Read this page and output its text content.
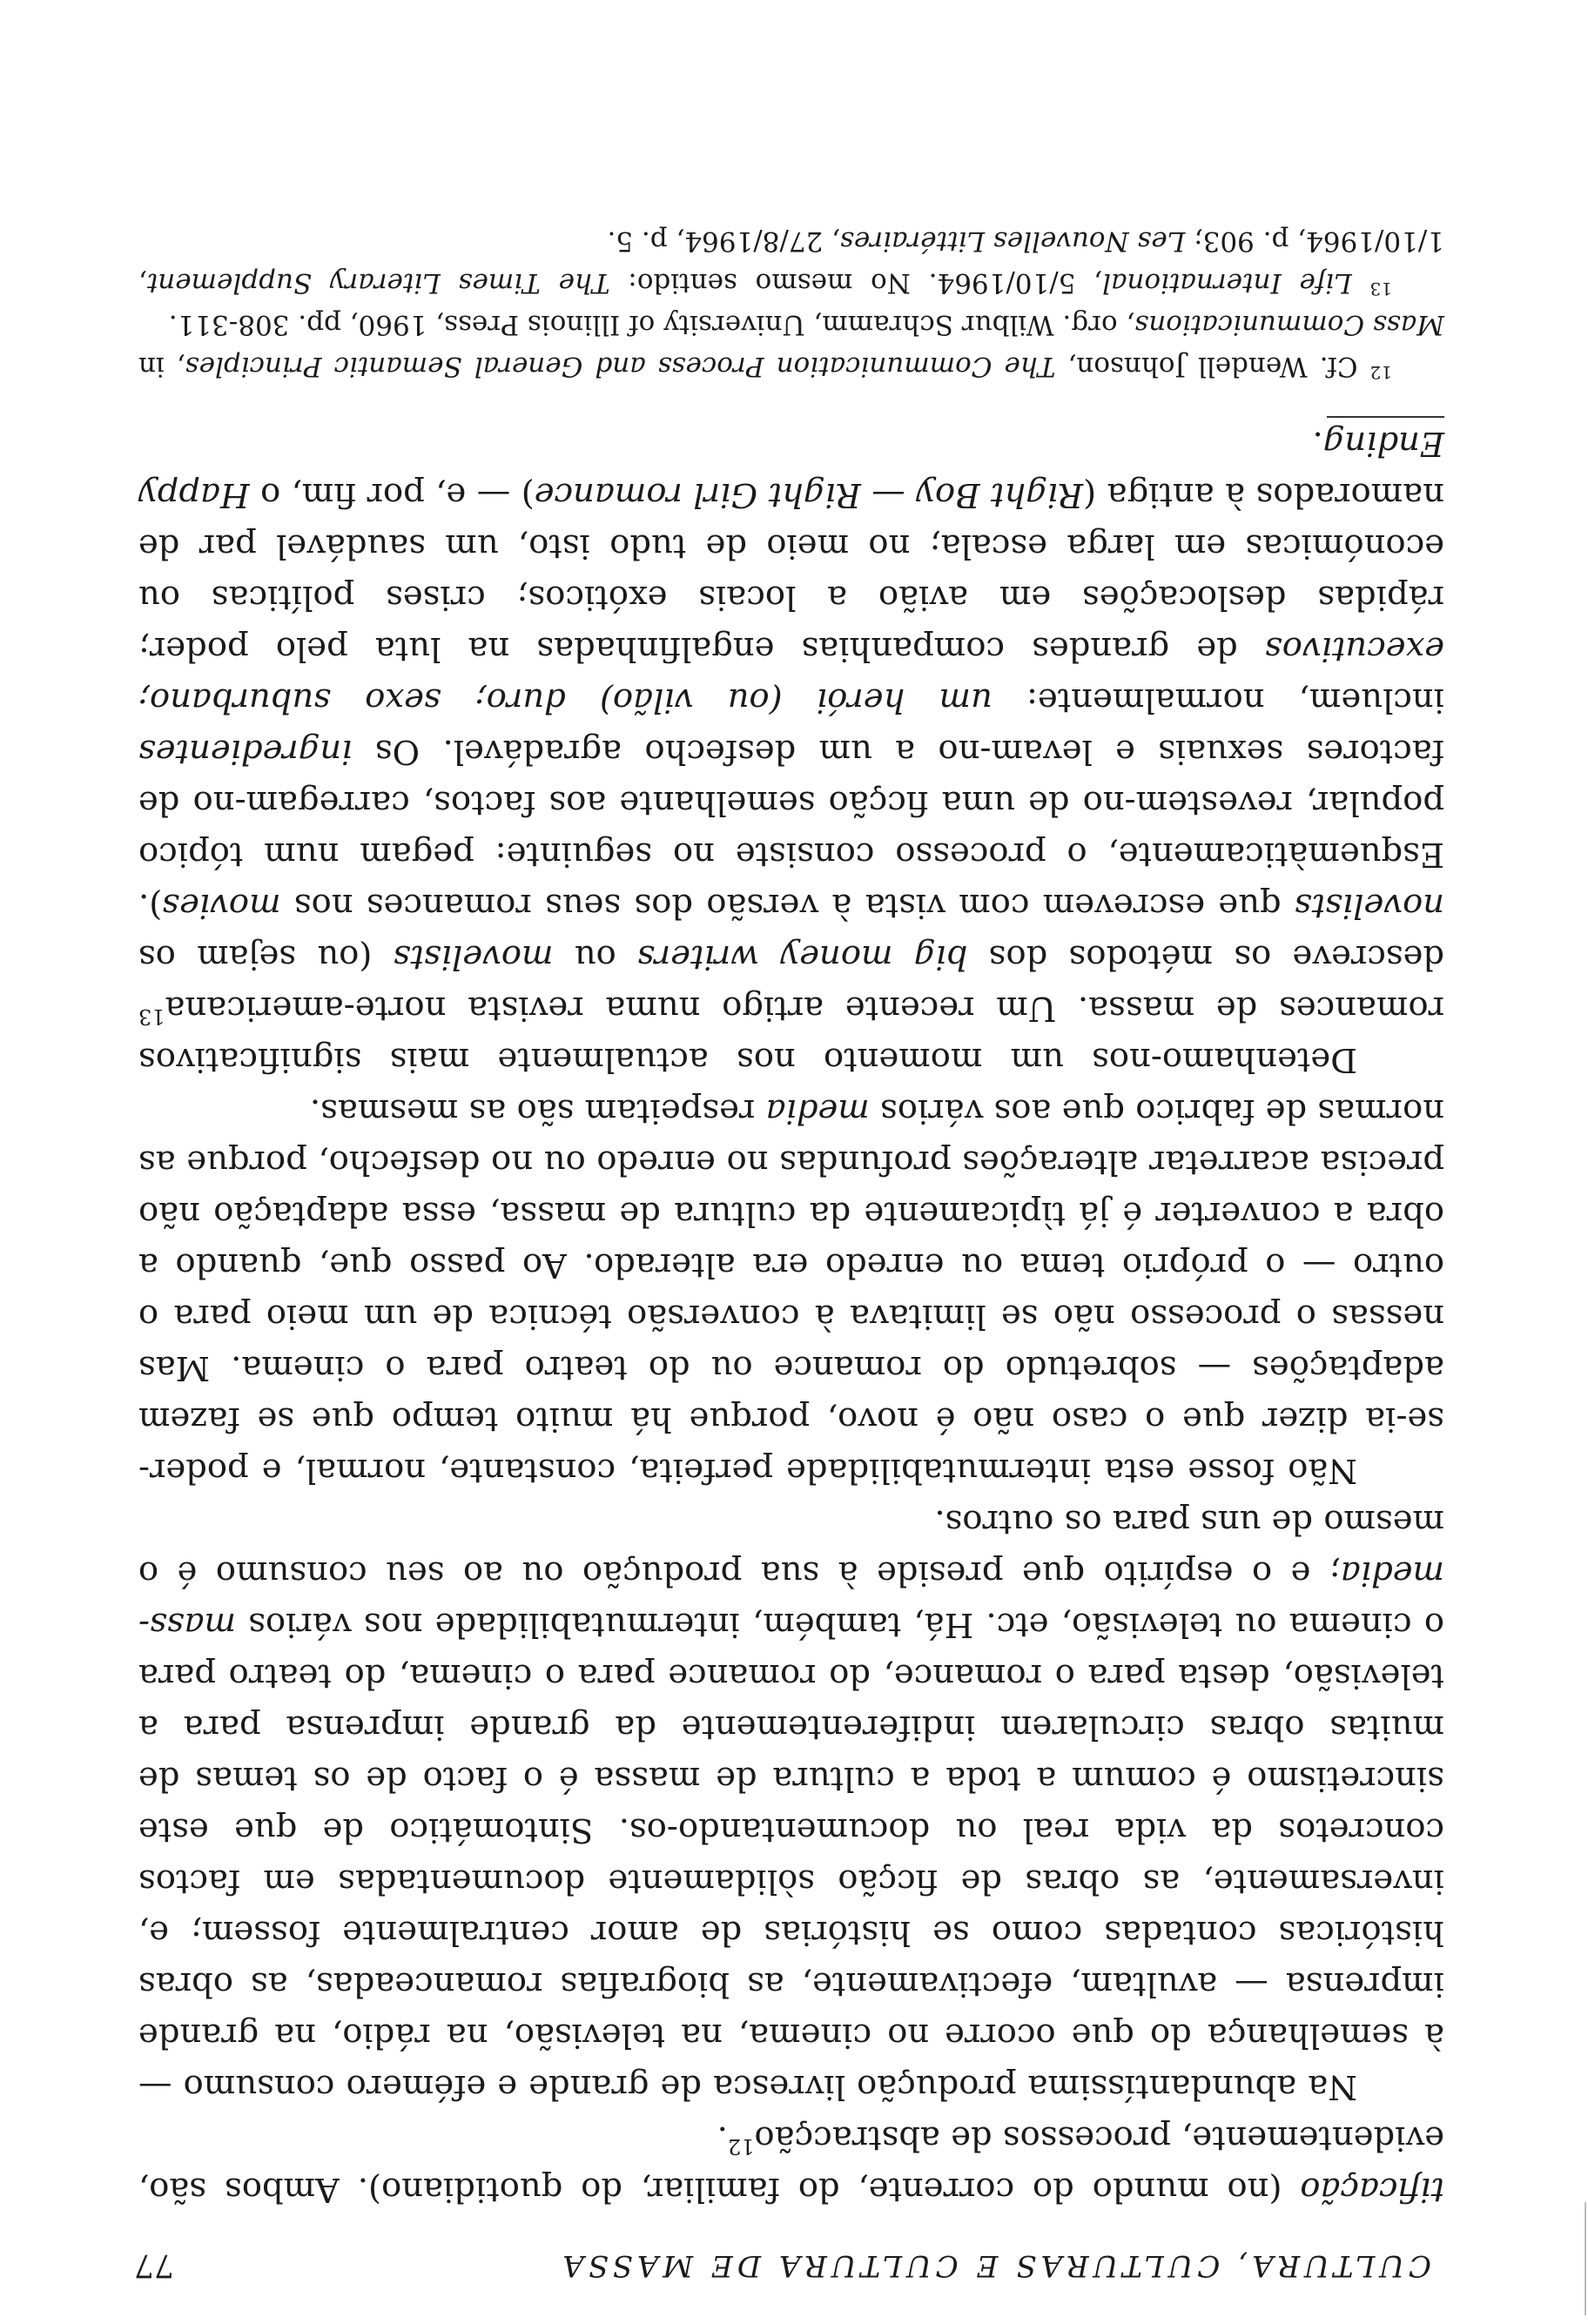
CULTURA, CULTURAS E CULTURA DE MASSA
77

tificação (no mundo do corrente, do familiar, do quotidiano). Ambos são, evidentemente, processos de abstracção$^{12}$.

Na abundantíssima produção livresca de grande e efémero consumo — à semelhança do que ocorre no cinema, na televisão, na rádio, na grande imprensa — avultam, efectivamente, as biografias romanceadas, as obras históricas contadas como se histórias de amor centralmente fossem; e, inversamente, as obras de ficção sòlidamente documentadas em factos concretos da vida real ou documentando-os. Sintomático de que este sincretismo é comum a toda a cultura de massa é o facto de os temas de muitas obras circularem indiferentemente da grande imprensa para a televisão, desta para o romance, do romance para o cinema, do teatro para o cinema ou televisão, etc. Há, também, intermutabilidade nos vários mass-media; e o espírito que preside à sua produção ou ao seu consumo é o mesmo de uns para os outros.

Não fosse esta intermutabilidade perfeita, constante, normal, e poder-se-ia dizer que o caso não é novo, porque há muito tempo que se fazem adaptações — sobretudo do romance ou do teatro para o cinema. Mas nessas o processo não se limitava à conversão técnica de um meio para o outro — o próprio tema ou enredo era alterado. Ao passo que, quando a obra a converter é já tìpicamente da cultura de massa, essa adaptação não precisa acarretar alterações profundas no enredo ou no desfecho, porque as normas de fabrico que aos vários media respeitam são as mesmas.

Detenhamo-nos um momento nos actualmente mais significativos romances de massa. Um recente artigo numa revista norte-americana$^{13}$ descreve os métodos dos big money writers ou movelists (ou sejam os novelists que escrevem com vista à versão dos seus romances nos movies). Esquemàticamente, o processo consiste no seguinte: pegam num tópico popular, revestem-no de uma ficção semelhante aos factos, carregam-no de factores sexuais e levam-no a um desfecho agradável. Os ingredientes incluem, normalmente: um herói (ou vilão) duro; sexo suburbano; executivos de grandes companhias engalfinhadas na luta pelo poder; rápidas deslocações em avião a locais exóticos; crises políticas ou económicas em larga escala; no meio de tudo isto, um saudável par de namorados à antiga (Right Boy — Right Girl romance) — e, por fim, o Happy Ending.

$^{12}$ Cf. Wendell Johnson, The Communication Process and General Semantic Principles, in Mass Communications, org. Wilbur Schramm, University of Illinois Press, 1960, pp. 308-311.

$^{13}$ Life International, 5/10/1964. No mesmo sentido: The Times Literary Supplement, 1/10/1964, p. 903; Les Nouvelles Littéraires, 27/8/1964, p. 5.
